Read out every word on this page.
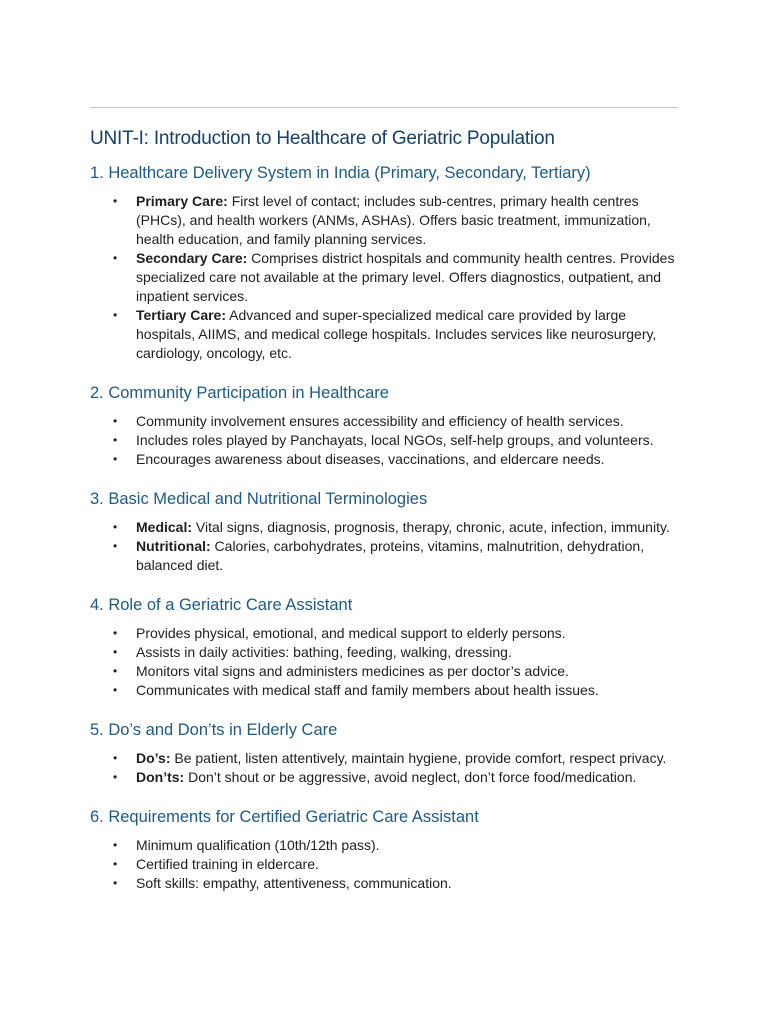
UNIT-I: Introduction to Healthcare of Geriatric Population
1. Healthcare Delivery System in India (Primary, Secondary, Tertiary)
• Primary Care: First level of contact; includes sub-centres, primary health centres (PHCs), and health workers (ANMs, ASHAs). Offers basic treatment, immunization, health education, and family planning services.
• Secondary Care: Comprises district hospitals and community health centres. Provides specialized care not available at the primary level. Offers diagnostics, outpatient, and inpatient services.
• Tertiary Care: Advanced and super-specialized medical care provided by large hospitals, AIIMS, and medical college hospitals. Includes services like neurosurgery, cardiology, oncology, etc.
2. Community Participation in Healthcare
• Community involvement ensures accessibility and efficiency of health services.
• Includes roles played by Panchayats, local NGOs, self-help groups, and volunteers.
• Encourages awareness about diseases, vaccinations, and eldercare needs.
3. Basic Medical and Nutritional Terminologies
• Medical: Vital signs, diagnosis, prognosis, therapy, chronic, acute, infection, immunity.
• Nutritional: Calories, carbohydrates, proteins, vitamins, malnutrition, dehydration, balanced diet.
4. Role of a Geriatric Care Assistant
• Provides physical, emotional, and medical support to elderly persons.
• Assists in daily activities: bathing, feeding, walking, dressing.
• Monitors vital signs and administers medicines as per doctor’s advice.
• Communicates with medical staff and family members about health issues.
5. Do’s and Don’ts in Elderly Care
• Do’s: Be patient, listen attentively, maintain hygiene, provide comfort, respect privacy.
• Don’ts: Don’t shout or be aggressive, avoid neglect, don’t force food/medication.
6. Requirements for Certified Geriatric Care Assistant
• Minimum qualification (10th/12th pass).
• Certified training in eldercare.
• Soft skills: empathy, attentiveness, communication.
